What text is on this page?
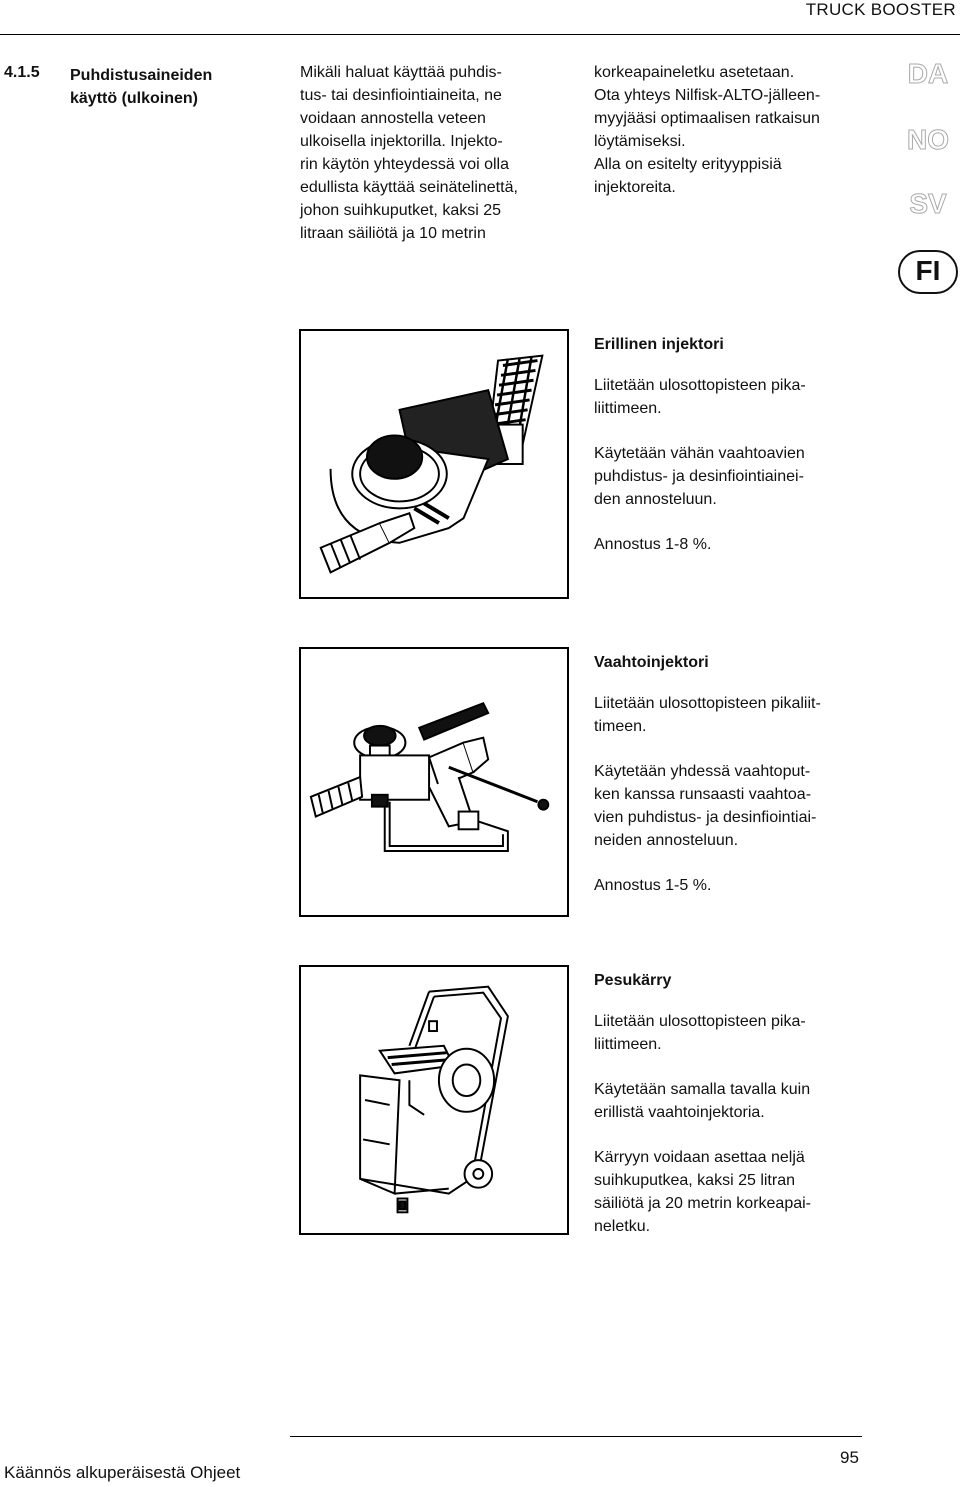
TRUCK BOOSTER
4.1.5 Puhdistusaineiden
käyttö (ulkoinen)
Mikäli haluat käyttää puhdis-
tus- tai desinfiointiaineita, ne
voidaan annostella veteen
ulkoisella injektorilla. Injekto-
rin käytön yhteydessä voi olla
edullista käyttää seinätelinettä,
johon suihkuputket, kaksi 25
litraan säiliötä ja 10 metrin
korkeapaineletku asetetaan.
Ota yhteys Nilfisk-ALTO-jälleen-
myyjääsi optimaalisen ratkaisun
löytämiseksi.
Alla on esitelty erityyppisiä
injektoreita.
DA
NO
SV
FI
Erillinen injektori
Liitetään ulosottopisteen pika-
liittimeen.
Käytetään vähän vaahtoavien
puhdistus- ja desinfiointiainei-
den annosteluun.
Annostus 1-8 %.
Vaahtoinjektori
Liitetään ulosottopisteen pikaliit-
timeen.
Käytetään yhdessä vaahtoput-
ken kanssa runsaasti vaahtoa-
vien puhdistus- ja desinfiointiai-
neiden annosteluun.
Annostus 1-5 %.
Pesukärry
Liitetään ulosottopisteen pika-
liittimeen.
Käytetään samalla tavalla kuin
erillistä vaahtoinjektoria.
Kärryyn voidaan asettaa neljä
suihkuputkea, kaksi 25 litran
säiliötä ja 20 metrin korkeapai-
neletku.
Käännös alkuperäisestä Ohjeet
95
